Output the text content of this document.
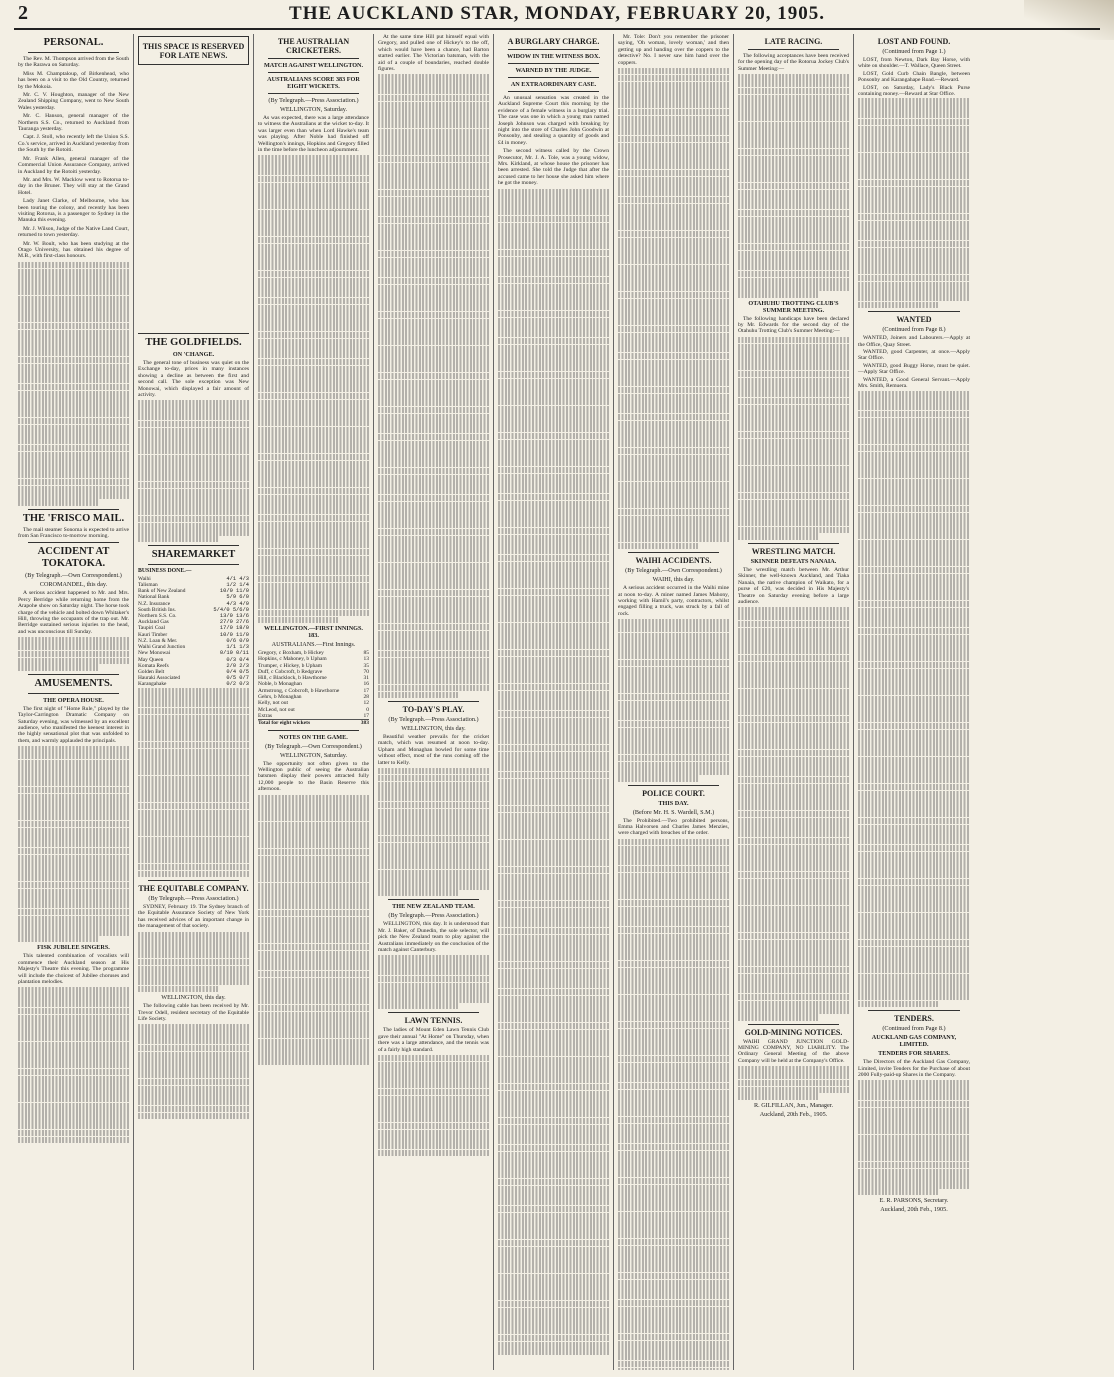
2	THE AUCKLAND STAR, MONDAY, FEBRUARY 20, 1905.
PERSONAL.

The Rev. M. Thompson arrived from the South by the Rarawa on Saturday.

Miss M. Champtaloup, of Birkenhead, who has been on a visit to the Old Country, returned by the Mokoia.

Mr. C. V. Houghton, manager of the New Zealand Shipping Company, went to New South Wales yesterday.

Mr. C. Hanson, general manager of the Northern S.S. Co., returned to Auckland from Tauranga yesterday.

Capt. J. Stoll, who recently left the Union S.S. Co.'s service, arrived in Auckland yesterday from the South by the Rotoiti.

Mr. Frank Allen, general manager of the Commercial Union Assurance Company, arrived in Auckland by the Rotoiti yesterday.

Mr. and Mrs. W. Macklow went to Rotorua to-day in the Bruner. They will stay at the Grand Hotel.

Lady Janet Clarke, of Melbourne, who has been touring the colony, and recently has been visiting Rotorua, is a passenger to Sydney in the Manuka this evening.

Mr. J. Wilson, Judge of the Native Land Court, returned to town yesterday.

Mr. W. Boult, who has been studying at the Otago University, has obtained his degree of M.B., with first-class honours.

THE 'FRISCO MAIL.

The mail steamer Sonoma is expected to arrive from San Francisco to-morrow morning.

ACCIDENT AT TOKATOKA.
(By Telegraph.—Own Correspondent.)
COROMANDEL, this day.

A serious accident happened to Mr. and Mrs. Percy Berridge while returning home from the Arapohe show on Saturday night. The horse took charge of the vehicle and bolted down Whitaker's Hill, throwing the occupants of the trap out. Mr. Berridge sustained serious injuries to the head, and was unconscious till Sunday.

AMUSEMENTS.
THE OPERA HOUSE.

The first night of "Home Rule," played by the Taylor-Carrington Dramatic Company on Saturday evening, was witnessed by an excellent audience, who manifested the keenest interest in the highly sensational plot that was unfolded to them, and warmly applauded the principals.

FISK JUBILEE SINGERS.

This talented combination of vocalists will commence their Auckland season at His Majesty's Theatre this evening. The programme will include the choicest of Jubilee choruses and plantation melodies.

THIS SPACE IS RESERVED FOR LATE NEWS.
THE GOLDFIELDS.
ON 'CHANGE.

The general tone of business was quiet on the Exchange to-day, prices in many instances showing a decline as between the first and second call. The sole exception was New Monowai, which displayed a fair amount of activity.

SHAREMARKET
BUSINESS DONE.—
Waihi	4/1 4/3
Talisman	1/2 1/4
Bank of New Zealand	10/0 11/0
National Bank	5/9 6/0
N.Z. Insurance	4/3 4/9
South British Ins.	5/4/0 5/6/0
Northern S.S. Co.	13/0 13/6
Auckland Gas	27/0 27/6
Taupiri Coal	17/0 18/0
Kauri Timber	10/0 11/0
N.Z. Loan & Mer.	0/6 0/9
Waihi Grand Junction	1/1 1/3
New Monowai	0/10 0/11
May Queen	0/3 0/4
Komata Reefs	2/0 2/3
Golden Belt	0/4 0/5
Hauraki Associated	0/5 0/7
Karangahake	0/2 0/3
THE EQUITABLE COMPANY.
(By Telegraph.—Press Association.)

SYDNEY, February 19. The Sydney branch of the Equitable Assurance Society of New York has received advices of an important change in the management of that society.

WELLINGTON, this day.

The following cable has been received by Mr. Trevor Odell, resident secretary of the Equitable Life Society.

THE AUSTRALIAN CRICKETERS.
MATCH AGAINST WELLINGTON.
AUSTRALIANS SCORE 383 FOR EIGHT WICKETS.
(By Telegraph.—Press Association.)
WELLINGTON, Saturday.

As was expected, there was a large attendance to witness the Australians at the wicket to-day. It was larger even than when Lord Hawke's team was playing. After Noble had finished off Wellington's innings, Hopkins and Gregory filled in the time before the luncheon adjournment.

WELLINGTON.—FIRST INNINGS. 183.
AUSTRALIANS.—First Innings.
Gregory, c Boxham, b Hickey	85
Hopkins, c Mahoney, b Upham	13
Trumper, c Hickey, b Upham	35
Duff, c Cobcroft, b Redgrave	70
Hill, c Blacklock, b Hawthorne	31
Noble, b Monaghan	16
Armstrong, c Cobcroft, b Hawthorne	17
Gehrs, b Monaghan	28
Kelly, not out	12
McLeod, not out	0
Extras	17
Total for eight wickets	383
NOTES ON THE GAME.
(By Telegraph.—Own Correspondent.)
WELLINGTON, Saturday.

The opportunity not often given to the Wellington public of seeing the Australian batsmen display their powers attracted fully 12,000 people to the Basin Reserve this afternoon.

At the same time Hill put himself equal with Gregory, and pulled one of Hickey's to the off, which would have been a chance, had Barton started earlier. The Victorian batsman, with the aid of a couple of boundaries, reached double figures.

TO-DAY'S PLAY.
(By Telegraph.—Press Association.)
WELLINGTON, this day.

Beautiful weather prevails for the cricket match, which was resumed at noon to-day. Upham and Monaghan bowled for some time without effect, most of the runs coming off the latter to Kelly.

THE NEW ZEALAND TEAM.
(By Telegraph.—Press Association.)

WELLINGTON, this day. It is understood that Mr. J. Baker, of Dunedin, the sole selector, will pick the New Zealand team to play against the Australians immediately on the conclusion of the match against Canterbury.

LAWN TENNIS.

The ladies of Mount Eden Lawn Tennis Club gave their annual "At Home" on Thursday, when there was a large attendance, and the tennis was of a fairly high standard.

A BURGLARY CHARGE.
WIDOW IN THE WITNESS BOX.
WARNED BY THE JUDGE.
AN EXTRAORDINARY CASE.

An unusual sensation was created in the Auckland Supreme Court this morning by the evidence of a female witness in a burglary trial. The case was one in which a young man named Joseph Johnson was charged with breaking by night into the store of Charles John Goodwin at Ponsonby, and stealing a quantity of goods and £4 in money.

The second witness called by the Crown Prosecutor, Mr. J. A. Tole, was a young widow, Mrs. Kirkland, at whose house the prisoner has been arrested. She told the Judge that after the accused came to her house she asked him where he got the money.

Mr. Tole: Don't you remember the prisoner saying, 'Oh woman, lovely woman,' and then getting up and handing over the coppers to the detective? No. I never saw him hand over the coppers.

WAIHI ACCIDENTS.
(By Telegraph.—Own Correspondent.)
WAIHI, this day.

A serious accident occurred in the Waihi mine at noon to-day. A miner named James Mahony, working with Hamil's party, contractors, whilst engaged filling a truck, was struck by a fall of rock.

POLICE COURT.
THIS DAY.
(Before Mr. H. S. Wardell, S.M.)

The Prohibited.—Two prohibited persons, Emma Halvorsen and Charles James Menzies, were charged with breaches of the order.

LATE RACING.

The following acceptances have been received for the opening day of the Rotorua Jockey Club's Summer Meeting:—

OTAHUHU TROTTING CLUB'S SUMMER MEETING.

The following handicaps have been declared by Mr. Edwards for the second day of the Otahuhu Trotting Club's Summer Meeting:—

WRESTLING MATCH.
SKINNER DEFEATS NANAIA.

The wrestling match between Mr. Arthur Skinner, the well-known Auckland, and Tiaka Nanaia, the native champion of Waikato, for a purse of £20, was decided in His Majesty's Theatre on Saturday evening before a large audience.

GOLD-MINING NOTICES.

WAIHI GRAND JUNCTION GOLD-MINING COMPANY, NO LIABILITY. The Ordinary General Meeting of the above Company will be held at the Company's Office.

R. GILFILLAN, Jun., Manager.
Auckland, 20th Feb., 1905.
LOST AND FOUND.
(Continued from Page 1.)

LOST, from Newton, Dark Bay Horse, with white on shoulder.—T. Wallace, Queen Street.

LOST, Gold Curb Chain Bangle, between Ponsonby and Karangahape Road.—Reward.

LOST, on Saturday, Lady's Black Purse containing money.—Reward at Star Office.

WANTED
(Continued from Page 8.)

WANTED, Joiners and Labourers.—Apply at the Office, Quay Street.

WANTED, good Carpenter, at once.—Apply Star Office.

WANTED, good Buggy Horse, must be quiet.—Apply Star Office.

WANTED, a Good General Servant.—Apply Mrs. Smith, Remuera.

TENDERS.
(Continued from Page 8.)
AUCKLAND GAS COMPANY, LIMITED.
TENDERS FOR SHARES.

The Directors of the Auckland Gas Company, Limited, invite Tenders for the Purchase of about 2000 Fully-paid-up Shares in the Company.

E. R. PARSONS, Secretary.
Auckland, 20th Feb., 1905.
